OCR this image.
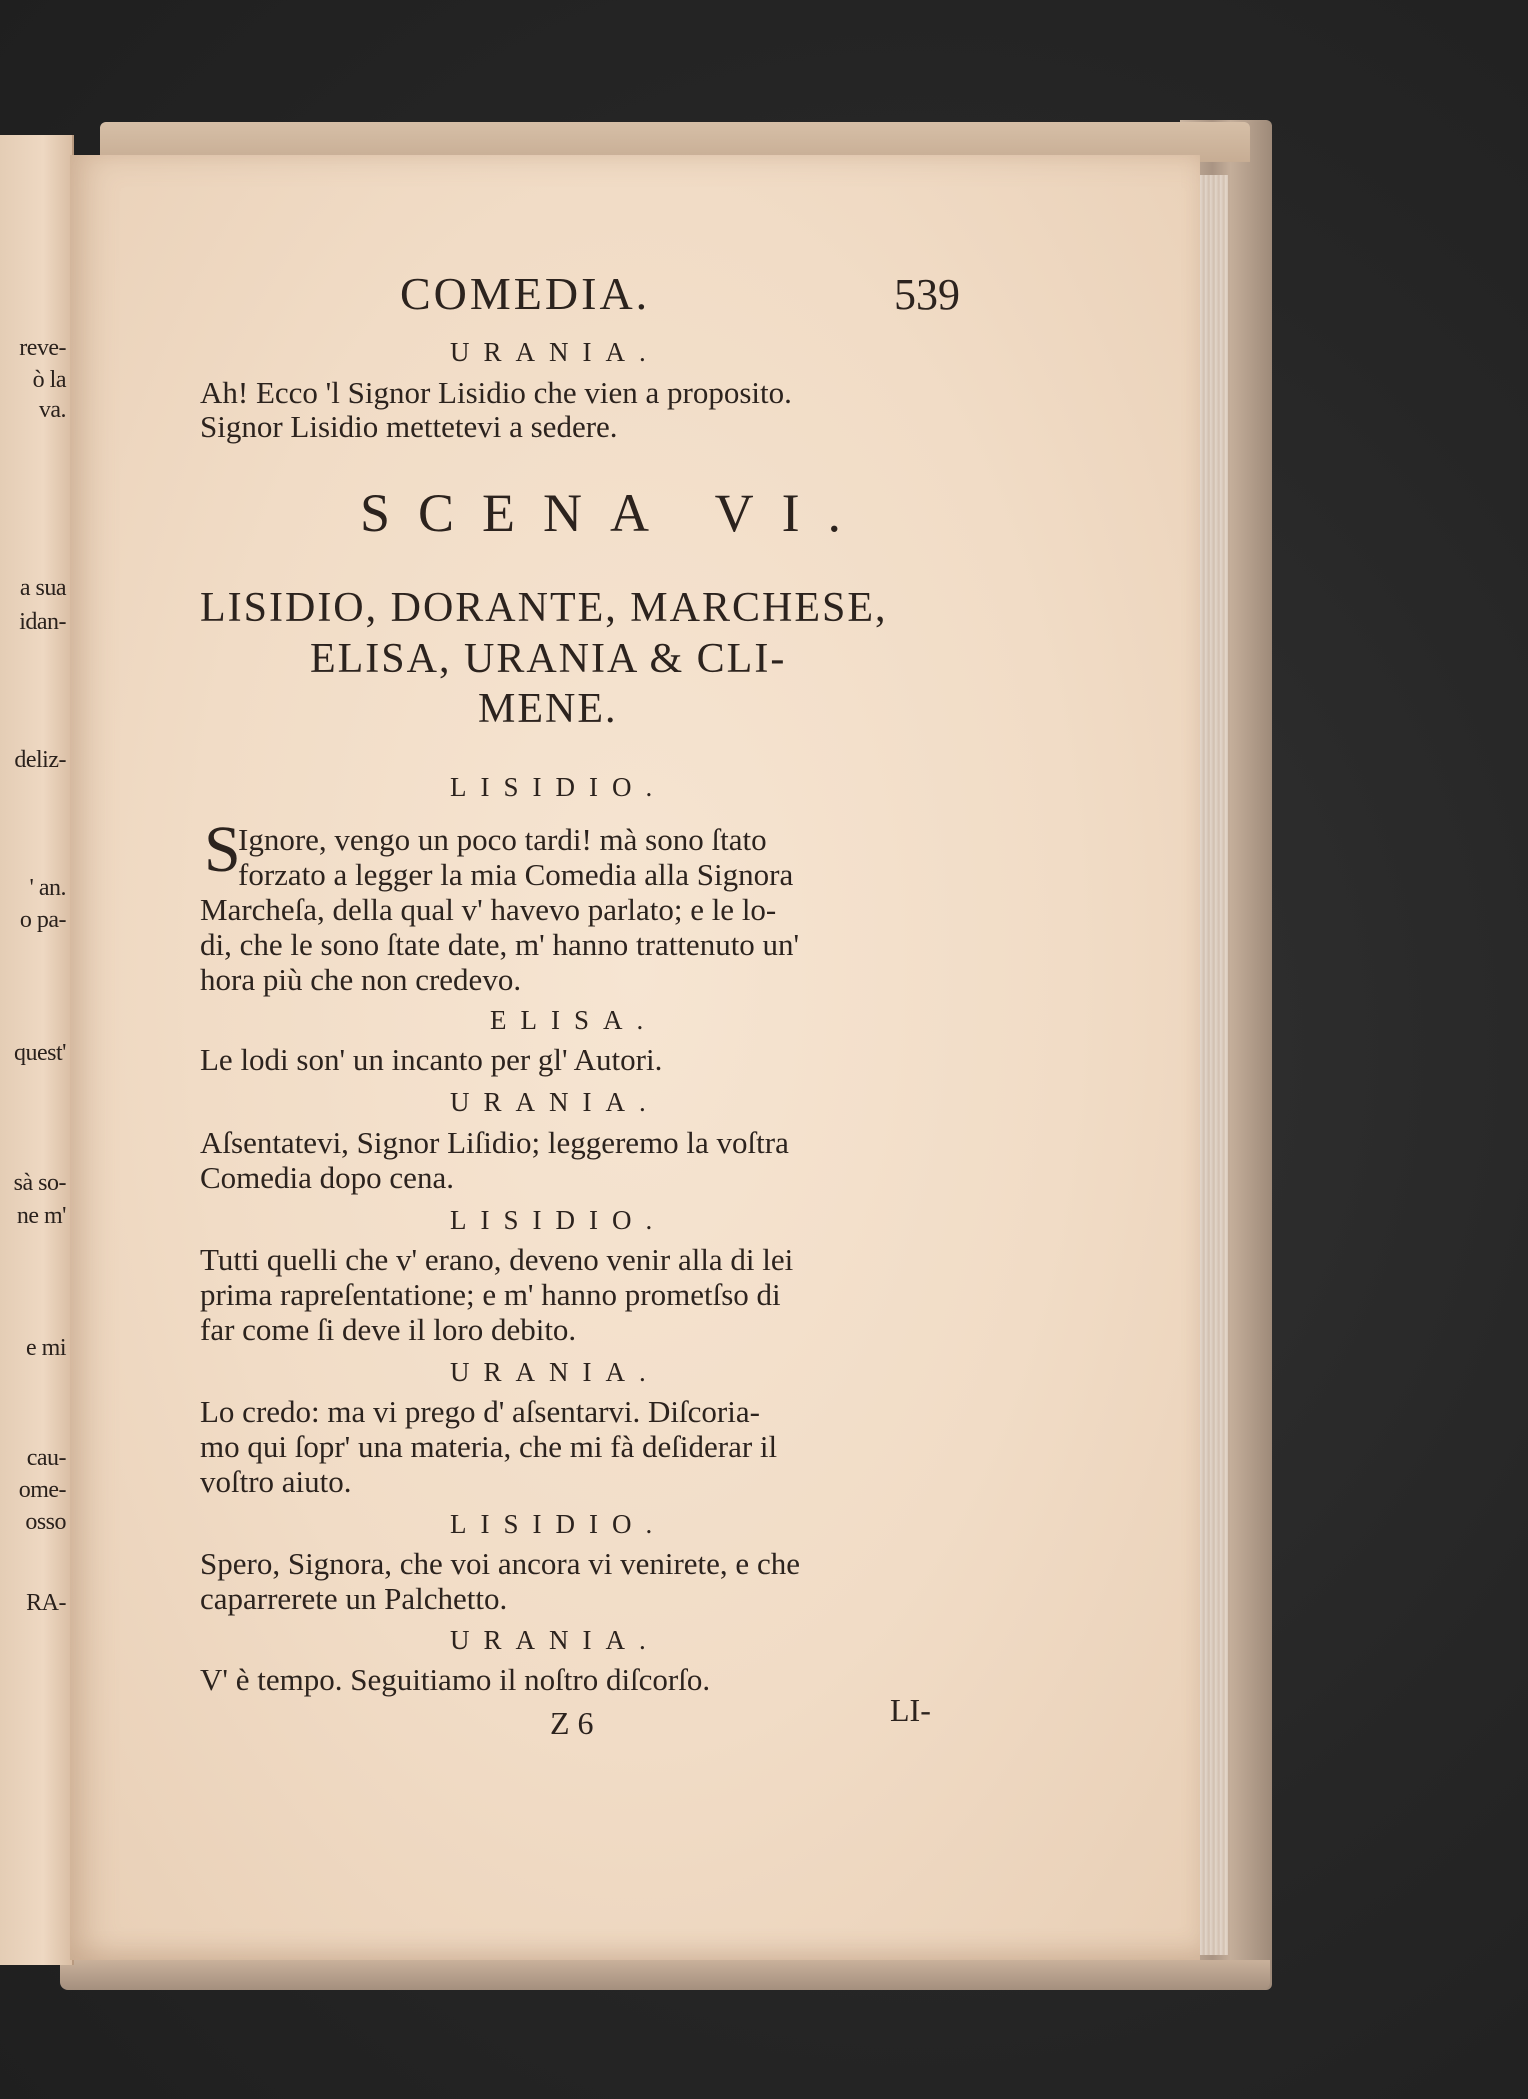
reve-
ò la
va.
a sua
idan-
deliz-
' an.
o pa-
quest'
sà so-
ne m'
e mi
cau-
ome-
osso
RA-
COMEDIA.	539
URANIA.
Ah! Ecco 'l Signor Lisidio che vien a proposito.
Signor Lisidio mettetevi a sedere.
SCENA VI.
LISIDIO, DORANTE, MARCHESE,
ELISA, URANIA & CLI-
MENE.
LISIDIO.
S
Ignore, vengo un poco tardi! mà sono ſtato
forzato a legger la mia Comedia alla Signora
Marcheſa, della qual v' havevo parlato; e le lo-
di, che le sono ſtate date, m' hanno trattenuto un'
hora più che non credevo.
ELISA.
Le lodi son' un incanto per gl' Autori.
URANIA.
Aſsentatevi, Signor Liſidio; leggeremo la voſtra
Comedia dopo cena.
LISIDIO.
Tutti quelli che v' erano, deveno venir alla di lei
prima rapreſentatione; e m' hanno prometſso di
far come ſi deve il loro debito.
URANIA.
Lo credo: ma vi prego d' aſsentarvi. Diſcoria-
mo qui ſopr' una materia, che mi fà deſiderar il
voſtro aiuto.
LISIDIO.
Spero, Signora, che voi ancora vi venirete, e che
caparrerete un Palchetto.
URANIA.
V' è tempo. Seguitiamo il noſtro diſcorſo.
Z 6	LI-
